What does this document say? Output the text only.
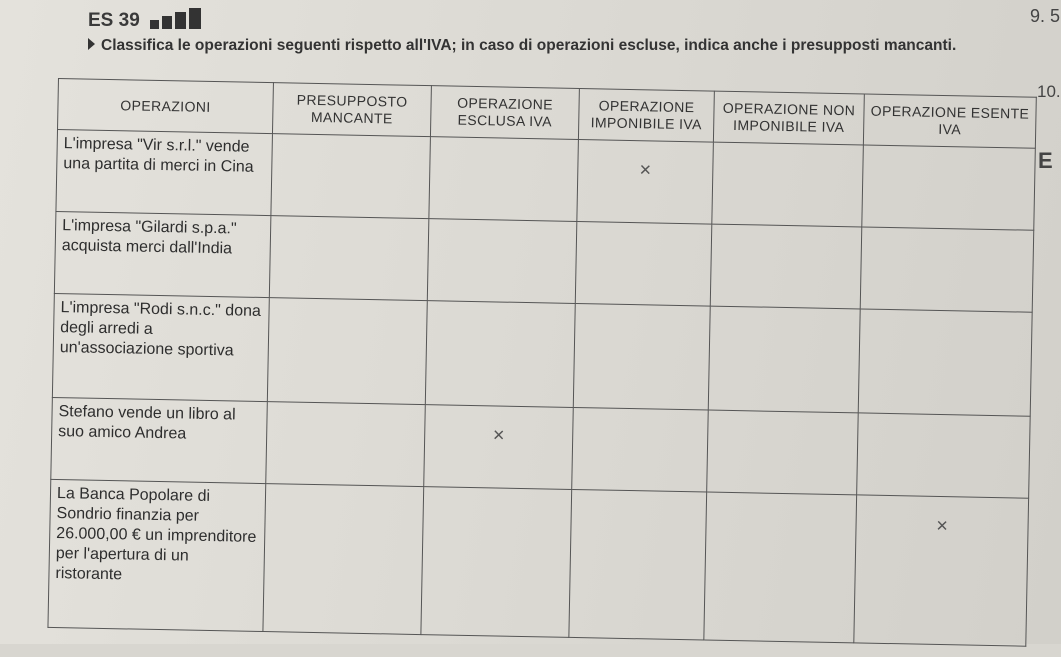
ES 39	9. 5
10.
E
Classifica le operazioni seguenti rispetto all'IVA; in caso di operazioni escluse, indica anche i presupposti mancanti.
OPERAZIONI	PRESUPPOSTO MANCANTE	OPERAZIONE ESCLUSA IVA	OPERAZIONE IMPONIBILE IVA	OPERAZIONE NON IMPONIBILE IVA	OPERAZIONE ESENTE IVA
L'impresa "Vir s.r.l." vende una partita di merci in Cina			×		
L'impresa "Gilardi s.p.a." acquista merci dall'India					
L'impresa "Rodi s.n.c." dona degli arredi a un'associazione sportiva					
Stefano vende un libro al suo amico Andrea		×			
La Banca Popolare di Sondrio finanzia per 26.000,00 € un imprenditore per l'apertura di un ristorante					×
